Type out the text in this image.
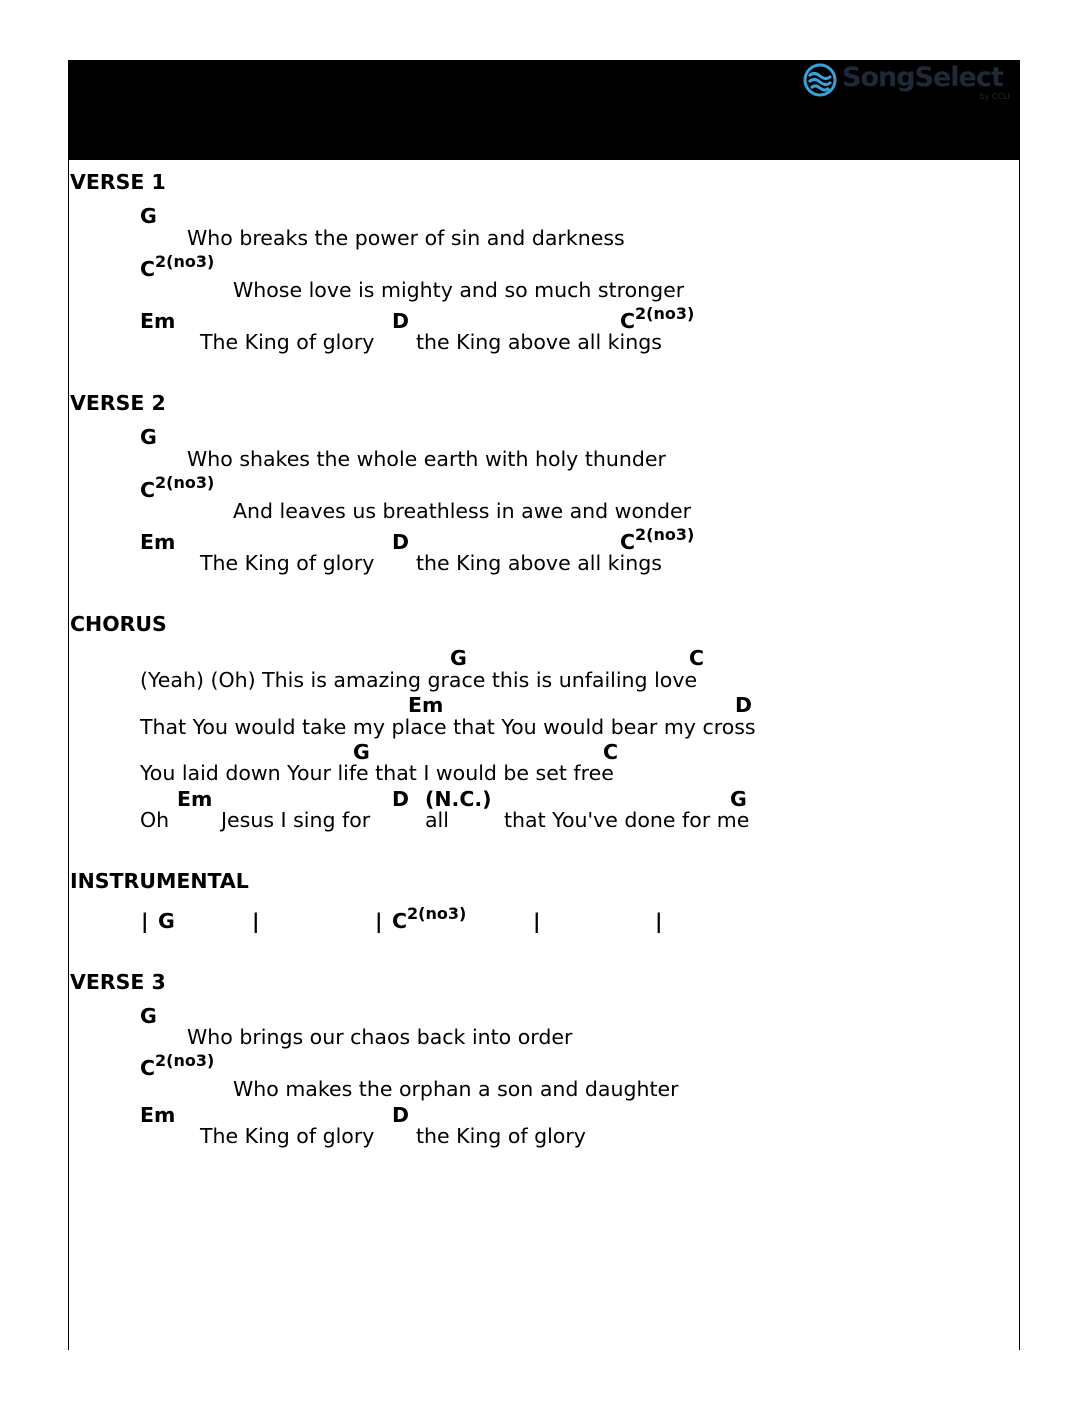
SongSelect
by CCLI
VERSE 1
G
Who breaks the power of sin and darkness
C 2(no3)
Whose love is mighty and so much stronger
Em	D	C 2(no3)
The King of glory the King above all kings
VERSE 2
G
Who shakes the whole earth with holy thunder
C 2(no3)
And leaves us breathless in awe and wonder
Em	D	C 2(no3)
The King of glory the King above all kings
CHORUS
G	C
(Yeah) (Oh) This is amazing grace this is unfailing love
Em	D
That You would take my place that You would bear my cross
G	C
You laid down Your life that I would be set free
Em	D (N.C.)	G
Oh	Jesus I sing for	all	that You've done for me
INSTRUMENTAL
| G	|	| C 2(no3)	|	|
VERSE 3
G
Who brings our chaos back into order
C 2(no3)
Who makes the orphan a son and daughter
Em	D
The King of glory the King of glory
